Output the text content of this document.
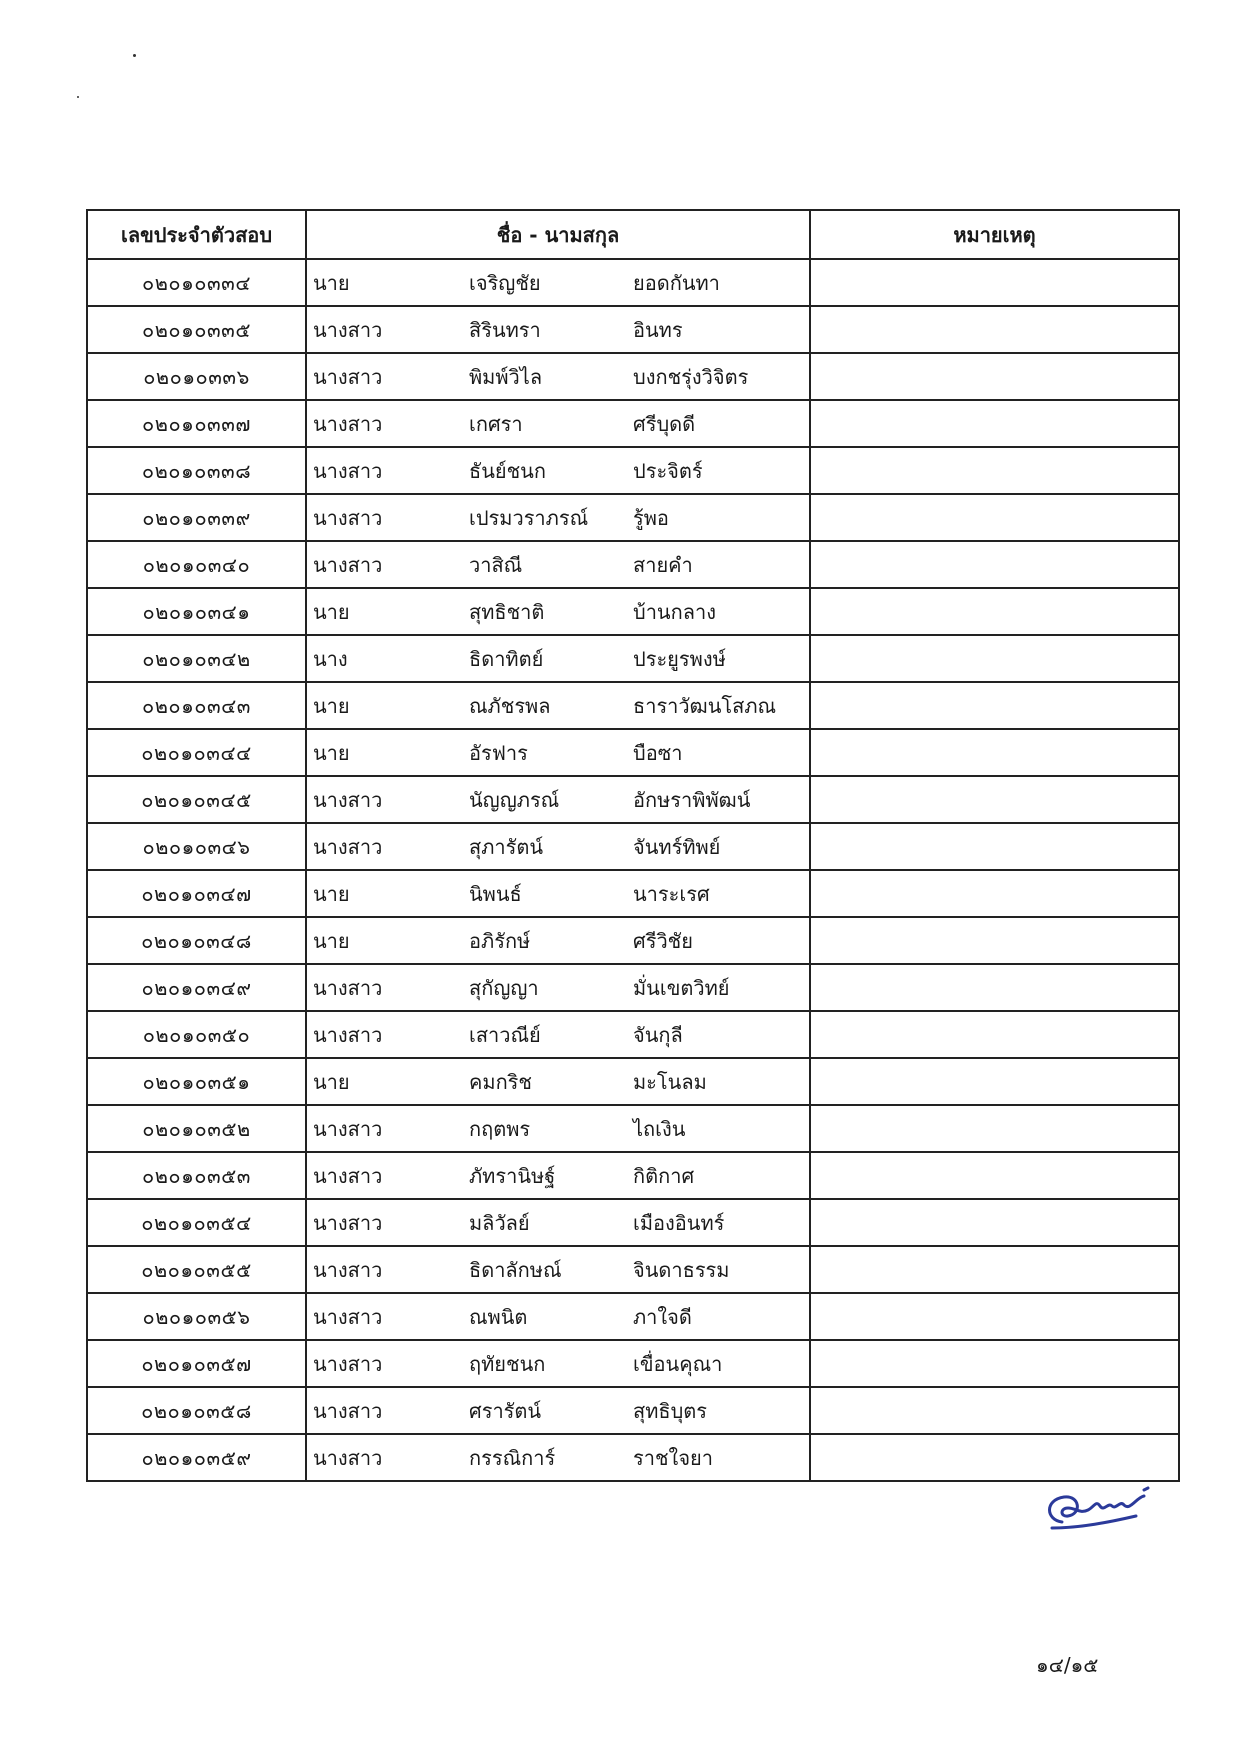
เลขประจำตัวสอบ	ชื่อ - นามสกุล	หมายเหตุ
๐๒๐๑๐๓๓๔	นาย เจริญชัย ยอดกันทา	

๐๒๐๑๐๓๓๕	นางสาว สิรินทรา อินทร	

๐๒๐๑๐๓๓๖	นางสาว พิมพ์วิไล บงกชรุ่งวิจิตร	

๐๒๐๑๐๓๓๗	นางสาว เกศรา ศรีบุดดี	

๐๒๐๑๐๓๓๘	นางสาว ธันย์ชนก ประจิตร์	

๐๒๐๑๐๓๓๙	นางสาว เปรมวราภรณ์ รู้พอ	

๐๒๐๑๐๓๔๐	นางสาว วาสิณี สายคำ	

๐๒๐๑๐๓๔๑	นาย สุทธิชาติ บ้านกลาง	

๐๒๐๑๐๓๔๒	นาง ธิดาทิตย์ ประยูรพงษ์	

๐๒๐๑๐๓๔๓	นาย ณภัชรพล ธาราวัฒนโสภณ	

๐๒๐๑๐๓๔๔	นาย อัรฟาร บือซา	

๐๒๐๑๐๓๔๕	นางสาว นัญญภรณ์ อักษราพิพัฒน์	

๐๒๐๑๐๓๔๖	นางสาว สุภารัตน์ จันทร์ทิพย์	

๐๒๐๑๐๓๔๗	นาย นิพนธ์ นาระเรศ	

๐๒๐๑๐๓๔๘	นาย อภิรักษ์ ศรีวิชัย	

๐๒๐๑๐๓๔๙	นางสาว สุกัญญา มั่นเขตวิทย์	

๐๒๐๑๐๓๕๐	นางสาว เสาวณีย์ จันกุลี	

๐๒๐๑๐๓๕๑	นาย คมกริช มะโนลม	

๐๒๐๑๐๓๕๒	นางสาว กฤตพร ไถเงิน	

๐๒๐๑๐๓๕๓	นางสาว ภัทรานิษฐ์ กิติกาศ	

๐๒๐๑๐๓๕๔	นางสาว มลิวัลย์ เมืองอินทร์	

๐๒๐๑๐๓๕๕	นางสาว ธิดาลักษณ์ จินดาธรรม	

๐๒๐๑๐๓๕๖	นางสาว ณพนิต ภาใจดี	

๐๒๐๑๐๓๕๗	นางสาว ฤทัยชนก เขื่อนคุณา	

๐๒๐๑๐๓๕๘	นางสาว ศรารัตน์ สุทธิบุตร	

๐๒๐๑๐๓๕๙	นางสาว กรรณิการ์ ราชใจยา	

๑๔/๑๕
